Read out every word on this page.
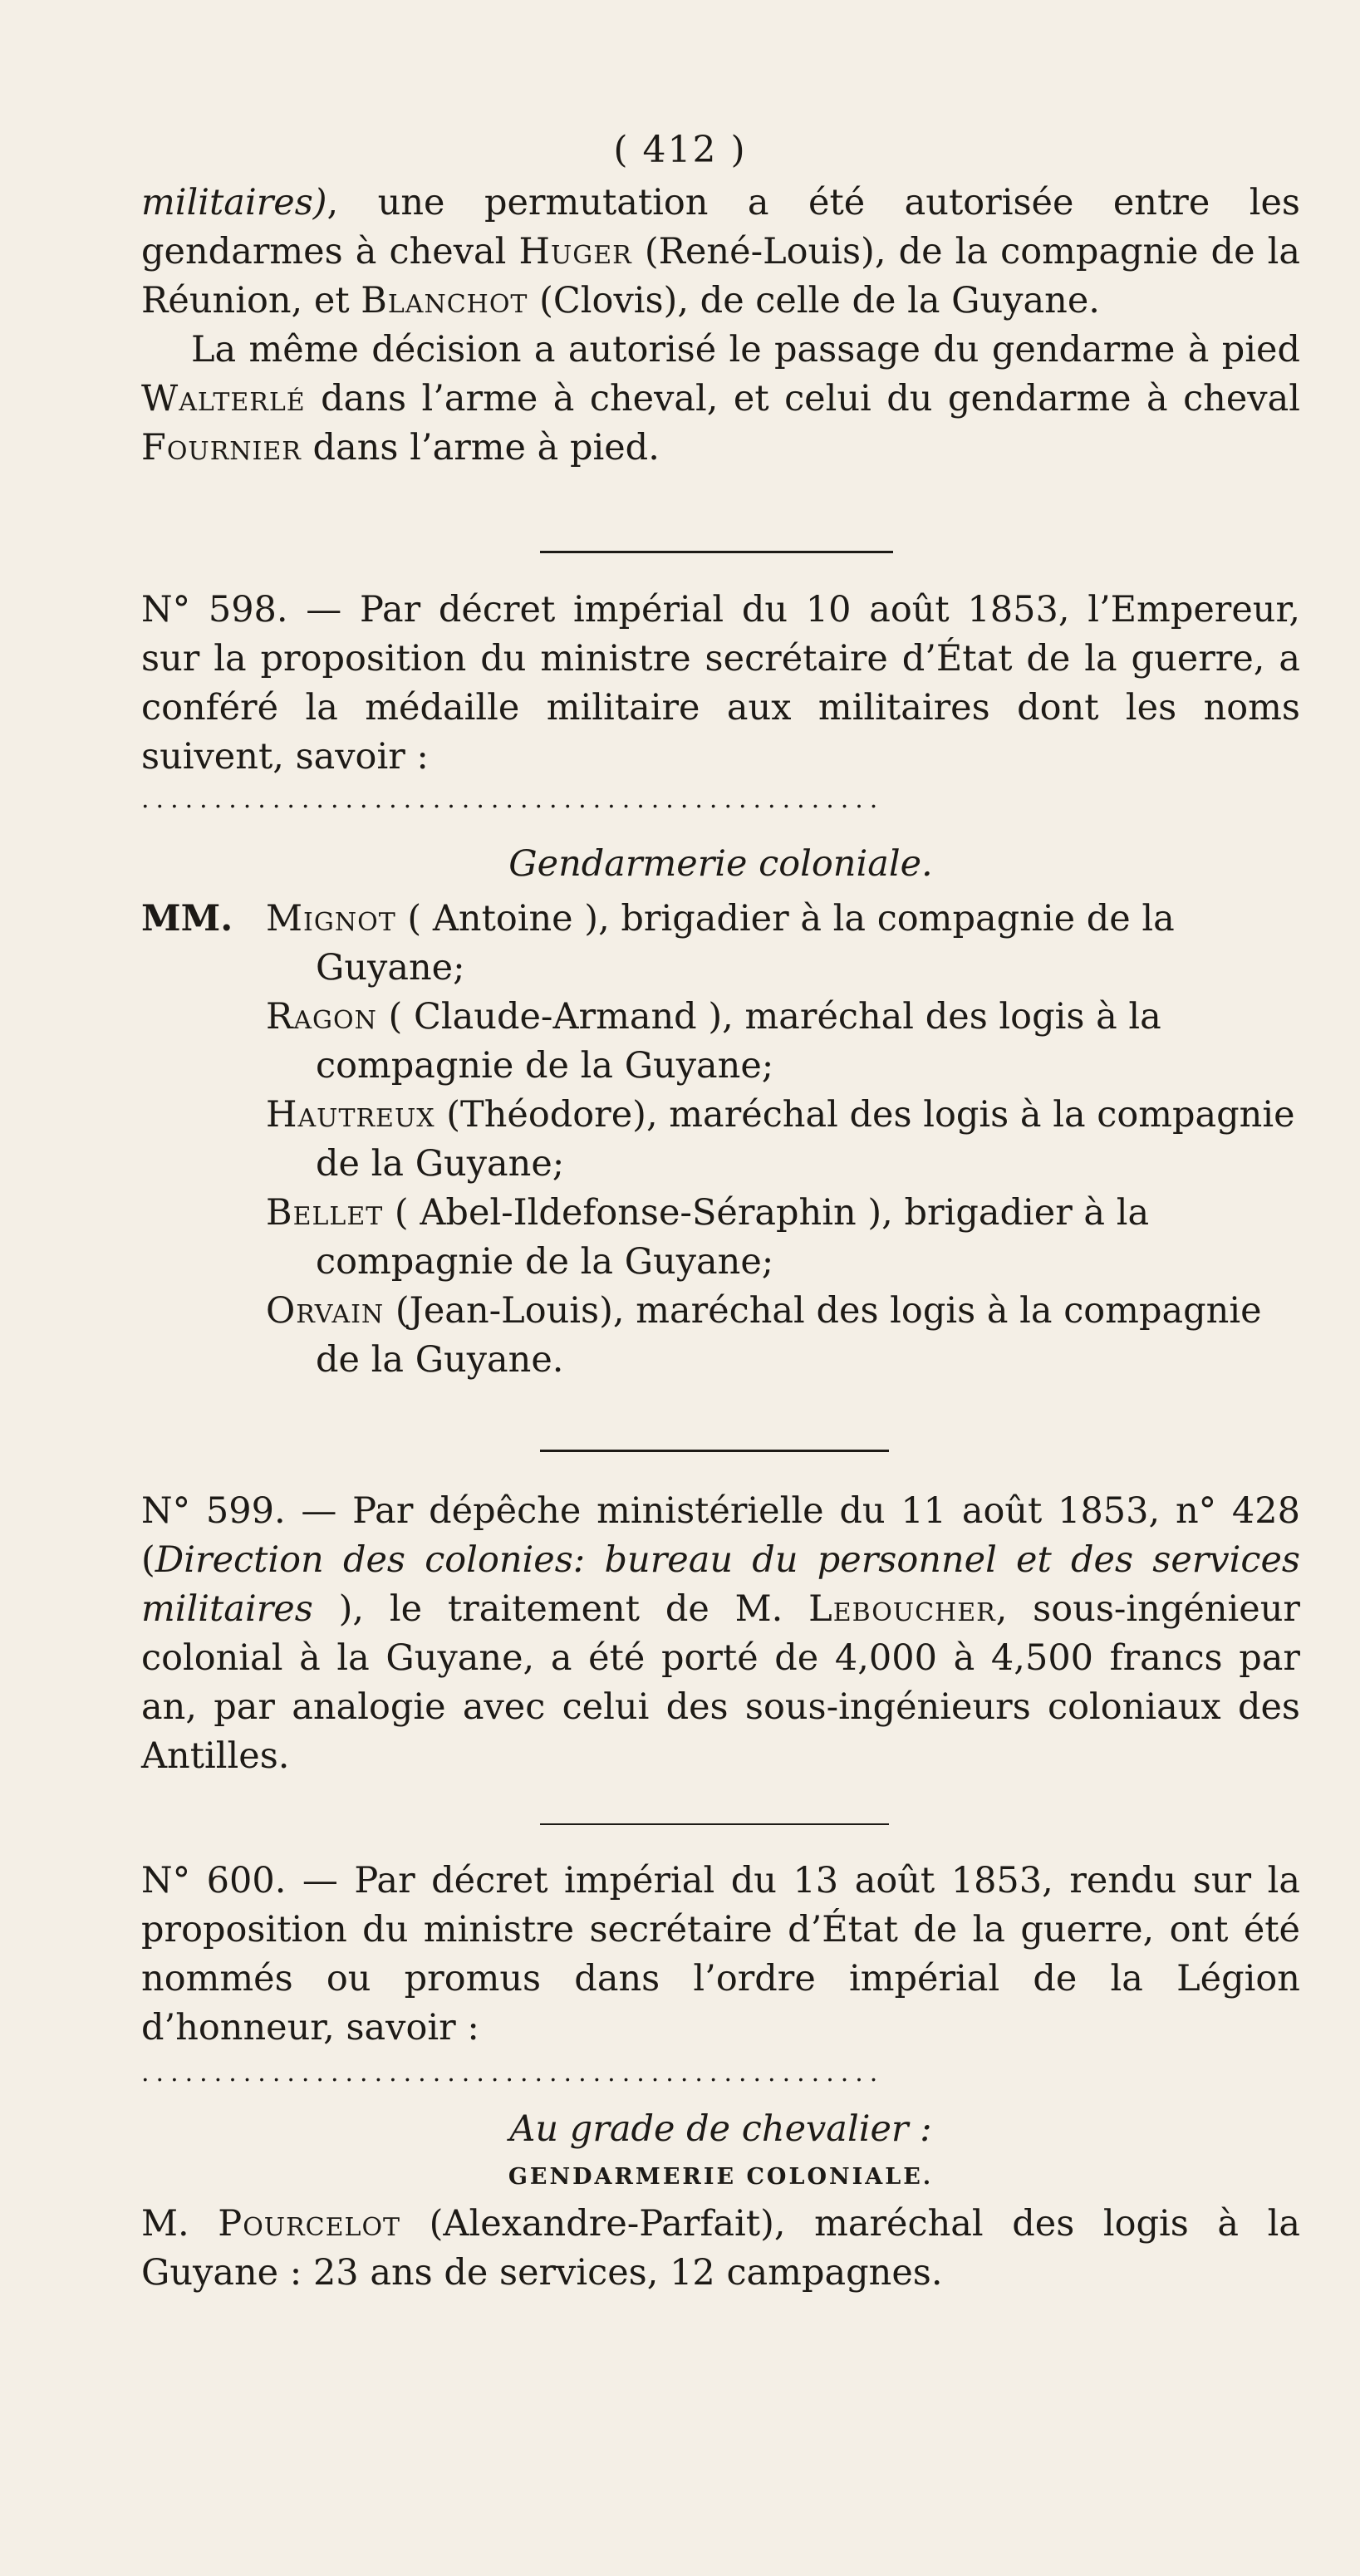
( 412 )

militaires), une permutation a été autorisée entre les gendarmes à cheval Huger (René-Louis), de la compagnie de la Réunion, et Blanchot (Clovis), de celle de la Guyane.

La même décision a autorisé le passage du gendarme à pied Walterlé dans l’arme à cheval, et celui du gendarme à cheval Fournier dans l’arme à pied.

N° 598. — Par décret impérial du 10 août 1853, l’Empereur, sur la proposition du ministre secrétaire d’État de la guerre, a conféré la médaille militaire aux militaires dont les noms suivent, savoir :

...................................................
Gendarmerie coloniale.
MM. Mignot ( Antoine ), brigadier à la compagnie de la Guyane;

Ragon ( Claude-Armand ), maréchal des logis à la compagnie de la Guyane;

Hautreux (Théodore), maréchal des logis à la compagnie de la Guyane;

Bellet ( Abel-Ildefonse-Séraphin ), brigadier à la compagnie de la Guyane;

Orvain (Jean-Louis), maréchal des logis à la compagnie de la Guyane.

N° 599. — Par dépêche ministérielle du 11 août 1853, n° 428 (Direction des colonies: bureau du personnel et des services militaires ), le traitement de M. Leboucher, sous-ingénieur colonial à la Guyane, a été porté de 4,000 à 4,500 francs par an, par analogie avec celui des sous-ingénieurs coloniaux des Antilles.

N° 600. — Par décret impérial du 13 août 1853, rendu sur la proposition du ministre secrétaire d’État de la guerre, ont été nommés ou promus dans l’ordre impérial de la Légion d’honneur, savoir :

...................................................
Au grade de chevalier :
GENDARMERIE COLONIALE.

M. Pourcelot (Alexandre-Parfait), maréchal des logis à la Guyane : 23 ans de services, 12 campagnes.
